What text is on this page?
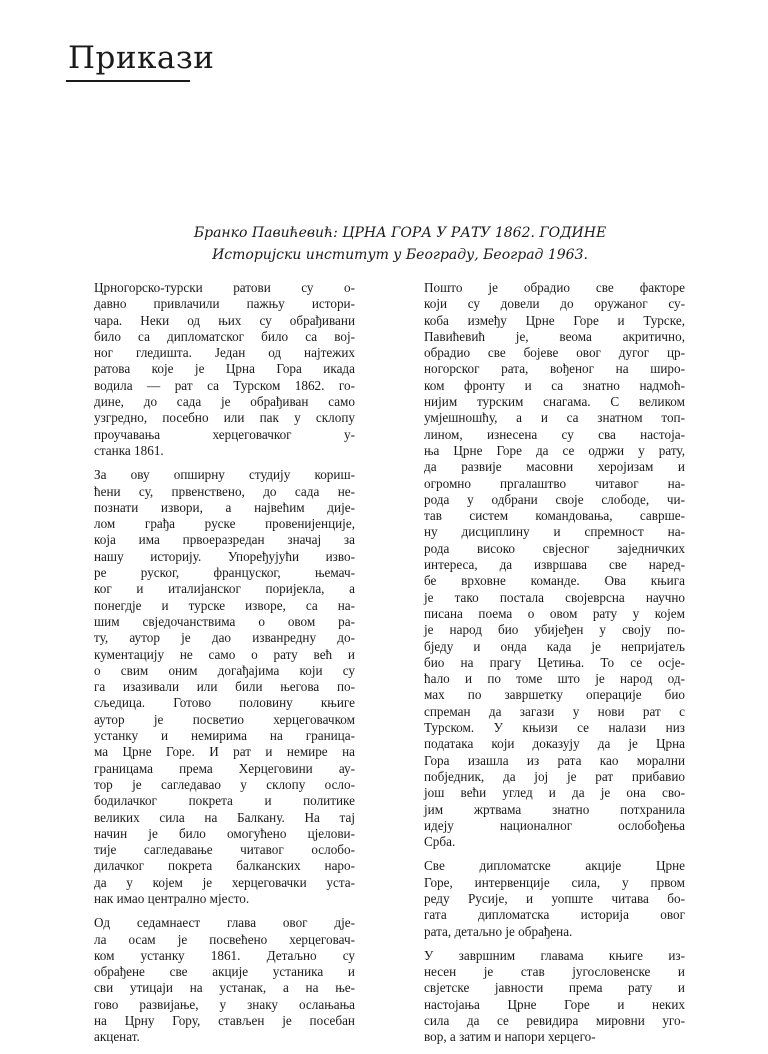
Прикази
Бранко Павићевић: ЦРНА ГОРА У РАТУ 1862. ГОДИНЕ
Историјски институт у Београду, Београд 1963.

Црногорско-турски ратови су о-
давно привлачили пажњу истори-
чара. Неки од њих су обрађивани
било са дипломатског било са вој-
ног гледишта. Један од најтежих
ратова које је Црна Гора икада
водила — рат са Турском 1862. го-
дине, до сада је обрађиван само
узгредно, посебно или пак у склопу
проучавања херцеговачког у-
станка 1861.

За ову опширну студију кориш-
ћени су, првенствено, до сада не-
познати извори, а највећим дије-
лом грађа руске провенијенције,
која има првоеразредан значај за
нашу историју. Упоређујући изво-
ре руског, француског, њемач-
ког и италијанског поријекла, а
понегдје и турске изворе, са на-
шим свједочанствима о овом ра-
ту, аутор је дао изванредну до-
кументацију не само о рату већ и
о свим оним догађајима који су
га изазивали или били његова по-
сљедица. Готово половину књиге
аутор је посветио херцеговачком
устанку и немирима на граница-
ма Црне Горе. И рат и немире на
границама према Херцеговини ау-
тор је сагледавао у склопу осло-
бодилачког покрета и политике
великих сила на Балкану. На тај
начин је било омогућено цјелови-
тије сагледавање читавог ослобо-
дилачког покрета балканских наро-
да у којем је херцеговачки уста-
нак имао централно мјесто.

Од седамнаест глава овог дје-
ла осам је посвећено херцеговач-
ком устанку 1861. Детаљно су
обрађене све акције устаника и
сви утицаји на устанак, а на ње-
гово развијање, у знаку ослањања
на Црну Гору, стављен је посебан
акценат.

Пошто је обрадио све факторе
који су довели до оружаног су-
коба између Црне Горе и Турске,
Павићевић је, веома акритично,
обрадио све бојеве овог дугог цр-
ногорског рата, вођеног на широ-
ком фронту и са знатно надмоћ-
нијим турским снагама. С великом
умјешношћу, а и са знатном топ-
лином, изнесена су сва настоја-
ња Црне Горе да се одржи у рату,
да развије масовни херојизам и
огромно пргалаштво читавог на-
рода у одбрани своје слободе, чи-
тав систем командовања, савршe-
ну дисциплину и спремност на-
рода високо свјесног заједничких
интереса, да извршава све наред-
бе врховне команде. Ова књига
је тако постала својеврсна научно
писана поема о овом рату у којем
је народ био убијеђен у своју по-
бједу и онда када је непријатељ
био на прагу Цетиња. То се осје-
ћало и по томе што је народ од-
мах по завршетку операције био
спреман да загази у нови рат с
Турском. У књизи се налази низ
података који доказују да је Црна
Гора изашла из рата као морални
побједник, да јој је рат прибавио
још већи углед и да је она сво-
јим жртвама знатно потхранила
идеју националног ослобођења
Срба.

Све дипломатске акције Црне
Горе, интервенције сила, у првом
реду Русије, и уопште читава бо-
гата дипломатска историја овог
рата, детаљно је обрађена.

У завршним главама књиге из-
несен је став југословенске и
свјетске јавности према рату и
настојања Црне Горе и неких
сила да се ревидира мировни уго-
вор, а затим и напори херцего-
